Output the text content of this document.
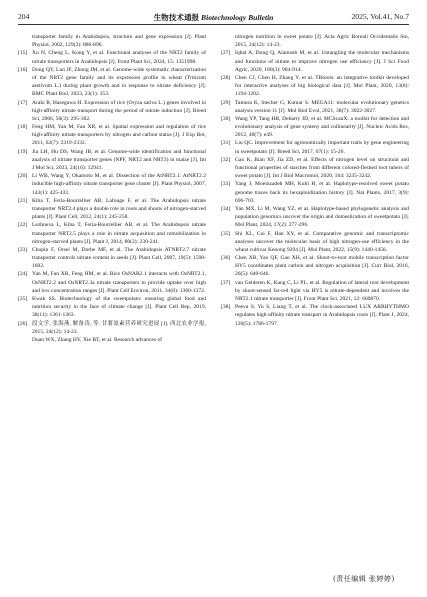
204	生物技术通报 Biotechnology Bulletin	2025, Vol.41, No.7
transporter family in Arabidopsis, structure and gene expression [J]. Plant Physiol, 2002, 129(2): 886-896.
[15] Xu N, Cheng L, Kong Y, et al. Functional analyses of the NRT2 family of nitrate transporters in Arabidopsis [J]. Front Plant Sci, 2024, 15: 1351998.
[16] Dong QY, Luo JF, Zhong JM, et al. Genome-wide systematic characterization of the NRT2 gene family and its expression profile in wheat (Triticum aestivum L.) during plant growth and in response to nitrate deficiency [J]. BMC Plant Biol, 2023, 23(1): 353.
[17] Araki R, Hasegawa H. Expression of rice (Oryza sativa L.) genes involved in high-affinity nitrate transport during the period of nitrate induction [J]. Breed Sci, 2006, 56(3): 295-302.
[18] Feng HM, Yan M, Fan XR, et al. Spatial expression and regulation of rice high-affinity nitrate transporters by nitrogen and carbon status [J]. J Exp Bot, 2011, 62(7): 2319-2332.
[19] Jia LH, Hu DS, Wang JB, et al. Genome-wide identification and functional analysis of nitrate transporter genes (NPF, NRT2 and NRT3) in maize [J]. Int J Mol Sci, 2023, 24(16): 12941.
[20] Li WB, Wang Y, Okamoto M, et al. Dissection of the AtNRT2.1: AtNRT2.2 inducible high-affinity nitrate transporter gene cluster [J]. Plant Physiol, 2007, 143(1): 425-433.
[21] Kiba T, Feria-Bourrellier AB, Lafouge F, et al. The Arabidopsis nitrate transporter NRT2.4 plays a double role in roots and shoots of nitrogen-starved plants [J]. Plant Cell, 2012, 24(1): 245-258.
[22] Lezhneva L, Kiba T, Feria-Bourrellier AB, et al. The Arabidopsis nitrate transporter NRT2.5 plays a role in nitrate acquisition and remobilization in nitrogen-starved plants [J]. Plant J, 2014, 80(2): 230-241.
[23] Chopin F, Orsel M, Dorbe MF, et al. The Arabidopsis ATNRT2.7 nitrate transporter controls nitrate content in seeds [J]. Plant Cell, 2007, 19(5): 1590-1602.
[24] Yan M, Fan XR, Feng HM, et al. Rice OsNAR2.1 interacts with OsNRT2.1, OsNRT2.2 and OsNRT2.3a nitrate transporters to provide uptake over high and low concentration ranges [J]. Plant Cell Environ, 2011, 34(8): 1360-1372.
[25] Kwak SS. Biotechnology of the sweetpotato: ensuring global food and nutrition security in the face of climate change [J]. Plant Cell Rep, 2019, 38(11): 1361-1363.
[26] 段文学, 张海燕, 解备涛, 等. 甘薯氮素营养研究进展 [J]. 西北农业学报, 2015, 24(12): 14-23.
Duan WX, Zhang HY, Xie BT, et al. Research advances of
nitrogen nutrition in sweet potato [J]. Acta Agric Boreali Occidentalis Sin, 2015, 24(12): 14-23.
[27] Iqbal A, Dong Q, Alamzeb M, et al. Untangling the molecular mechanisms and functions of nitrate to improve nitrogen use efficiency [J]. J Sci Food Agric, 2020, 100(3): 904-914.
[28] Chen CJ, Chen H, Zhang Y, et al. TBtools: an integrative toolkit developed for interactive analyses of big biological data [J]. Mol Plant, 2020, 13(8): 1194-1202.
[29] Tamura K, Stecher G, Kumar S. MEGA11: molecular evolutionary genetics analysis version 11 [J]. Mol Biol Evol, 2021, 38(7): 3022-3027.
[30] Wang YP, Tang HB, Debarry JD, et al. MCScanX: a toolkit for detection and evolutionary analysis of gene synteny and collinearity [J]. Nucleic Acids Res, 2012, 40(7): e49.
[31] Liu QC. Improvement for agronomically important traits by gene engineering in sweetpotato [J]. Breed Sci, 2017, 67(1): 15-26.
[32] Gao K, Bian XF, Jia ZD, et al. Effects of nitrogen level on structural and functional properties of starches from different colored-fleshed root tubers of sweet potato [J]. Int J Biol Macromol, 2020, 164: 3235-3242.
[33] Yang J, Moeinzadeh MH, Kuhl H, et al. Haplotype-resolved sweet potato genome traces back its hexaploidization history [J]. Nat Plants, 2017, 3(9): 696-703.
[34] Yan MX, Li M, Wang YZ, et al. Haplotype-based phylogenetic analysis and population genomics uncover the origin and domestication of sweetpotato [J]. Mol Plant, 2024, 17(2): 277-296.
[35] Shi XL, Cui F, Han XY, et al. Comparative genomic and transcriptomic analyses uncover the molecular basis of high nitrogen-use efficiency in the wheat cultivar Kenong 9204 [J]. Mol Plant, 2022, 15(9): 1440-1456.
[36] Chen XB, Yao QF, Gao XH, et al. Shoot-to-root mobile transcription factor HY5 coordinates plant carbon and nitrogen acquisition [J]. Curr Biol, 2016, 26(5): 640-646.
[37] van Gelderen K, Kang C, Li PL, et al. Regulation of lateral root development by shoot-sensed far-red light via HY5 is nitrate-dependent and involves the NRT2.1 nitrate transporter [J]. Front Plant Sci, 2021, 12: 660870.
[38] Peeva S, Yu S, Liang T, et al. The clock-associated LUX ARRHYTHMO regulates high-affinity nitrate transport in Arabidopsis roots [J]. Plant J, 2024, 120(5): 1786-1797.
(责任编辑 张婷婷)
